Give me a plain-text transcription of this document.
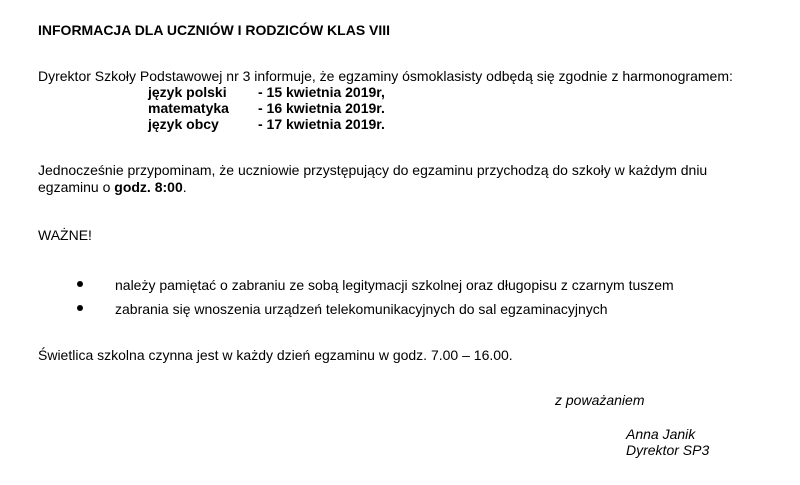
INFORMACJA DLA UCZNIÓW I RODZICÓW KLAS VIII
Dyrektor Szkoły Podstawowej nr 3 informuje, że egzaminy ósmoklasisty odbędą się zgodnie z harmonogramem:
język polski - 15 kwietnia 2019r,
matematyka - 16 kwietnia 2019r.
język obcy	- 17 kwietnia 2019r.
Jednocześnie przypominam, że uczniowie przystępujący do egzaminu przychodzą do szkoły w każdym dniu
egzaminu o godz. 8:00.
WAŻNE!
należy pamiętać o zabraniu ze sobą legitymacji szkolnej oraz długopisu z czarnym tuszem
zabrania się wnoszenia urządzeń telekomunikacyjnych do sal egzaminacyjnych
Świetlica szkolna czynna jest w każdy dzień egzaminu w godz. 7.00 – 16.00.
z poważaniem
Anna Janik
Dyrektor SP3
